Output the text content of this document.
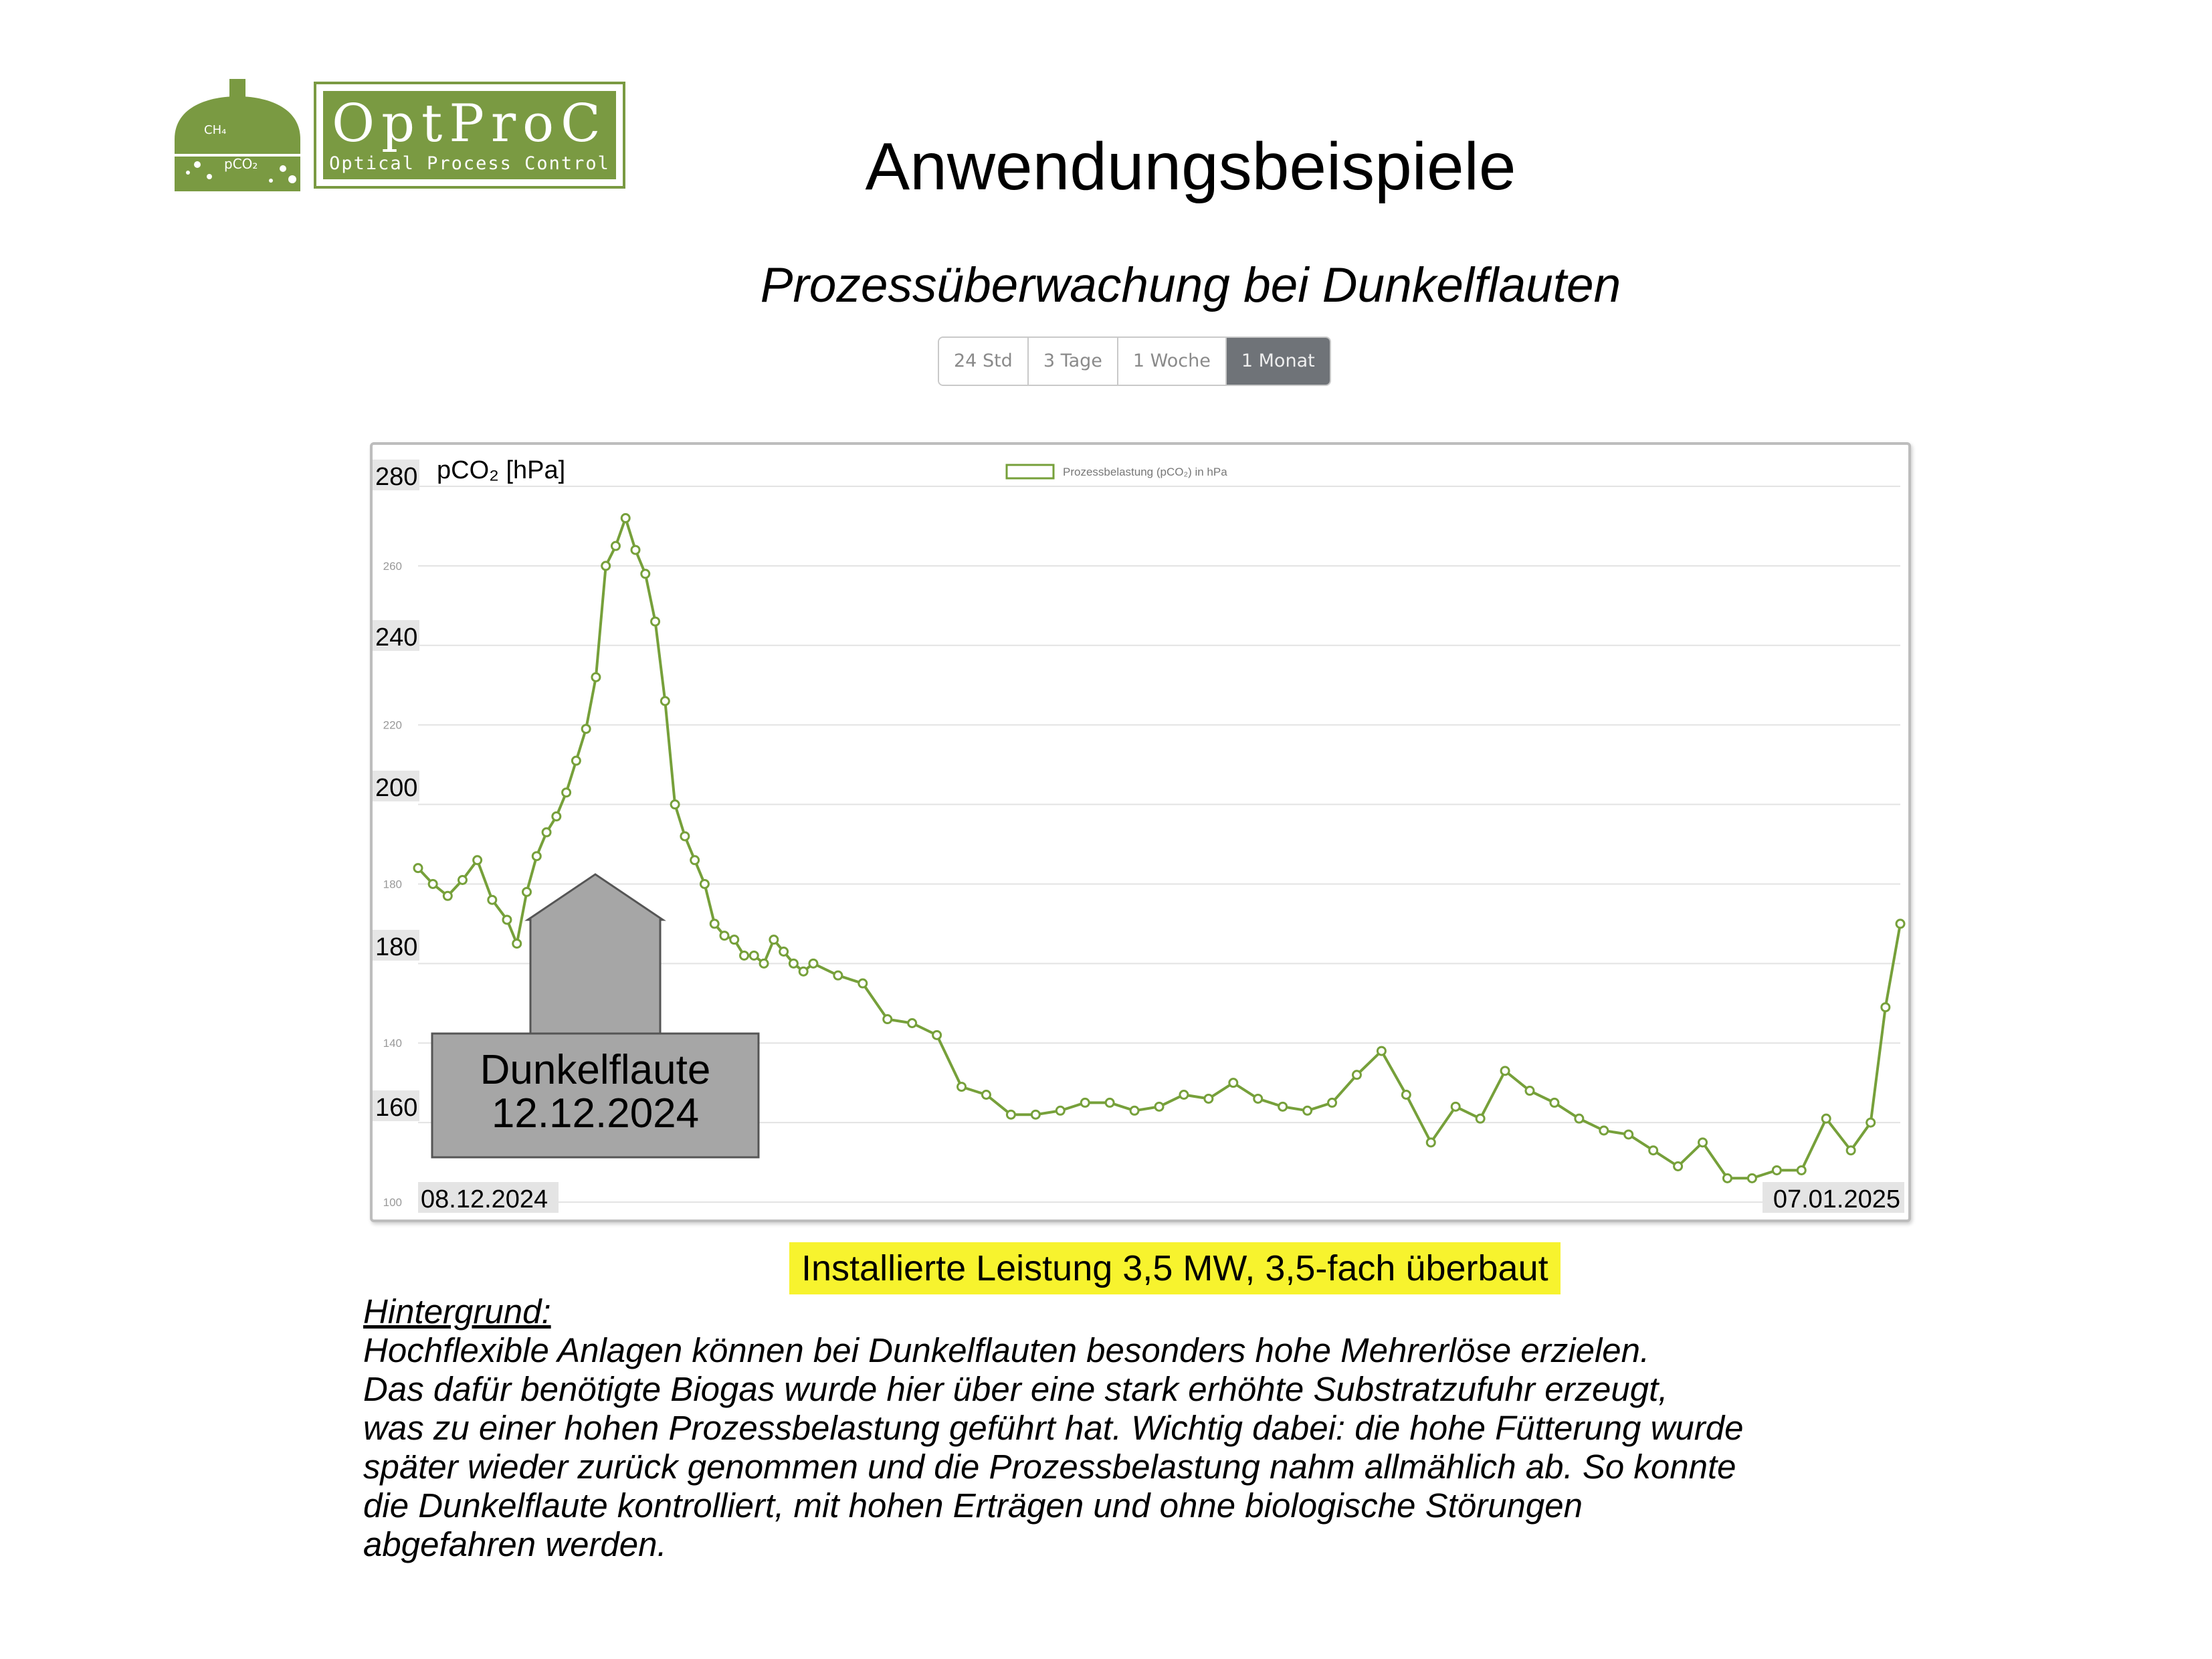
CH₄
pCO₂
OptProC
Optical Process Control	Anwendungsbeispiele
Prozessüberwachung bei Dunkelflauten
24 Std	3 Tage	1 Woche	1 Monat
100
140
180
220
260
280
240
200
180
160
Prozessbelastung (pCO₂) in hPa
pCO₂ [hPa]
08.12.2024	07.01.2025
Dunkelflaute
12.12.2024
Installierte Leistung 3,5 MW, 3,5-fach überbaut
Hintergrund:
Hochflexible Anlagen können bei Dunkelflauten besonders hohe Mehrerlöse erzielen.
Das dafür benötigte Biogas wurde hier über eine stark erhöhte Substratzufuhr erzeugt,
was zu einer hohen Prozessbelastung geführt hat. Wichtig dabei: die hohe Fütterung wurde
später wieder zurück genommen und die Prozessbelastung nahm allmählich ab. So konnte
die Dunkelflaute kontrolliert, mit hohen Erträgen und ohne biologische Störungen
abgefahren werden.
